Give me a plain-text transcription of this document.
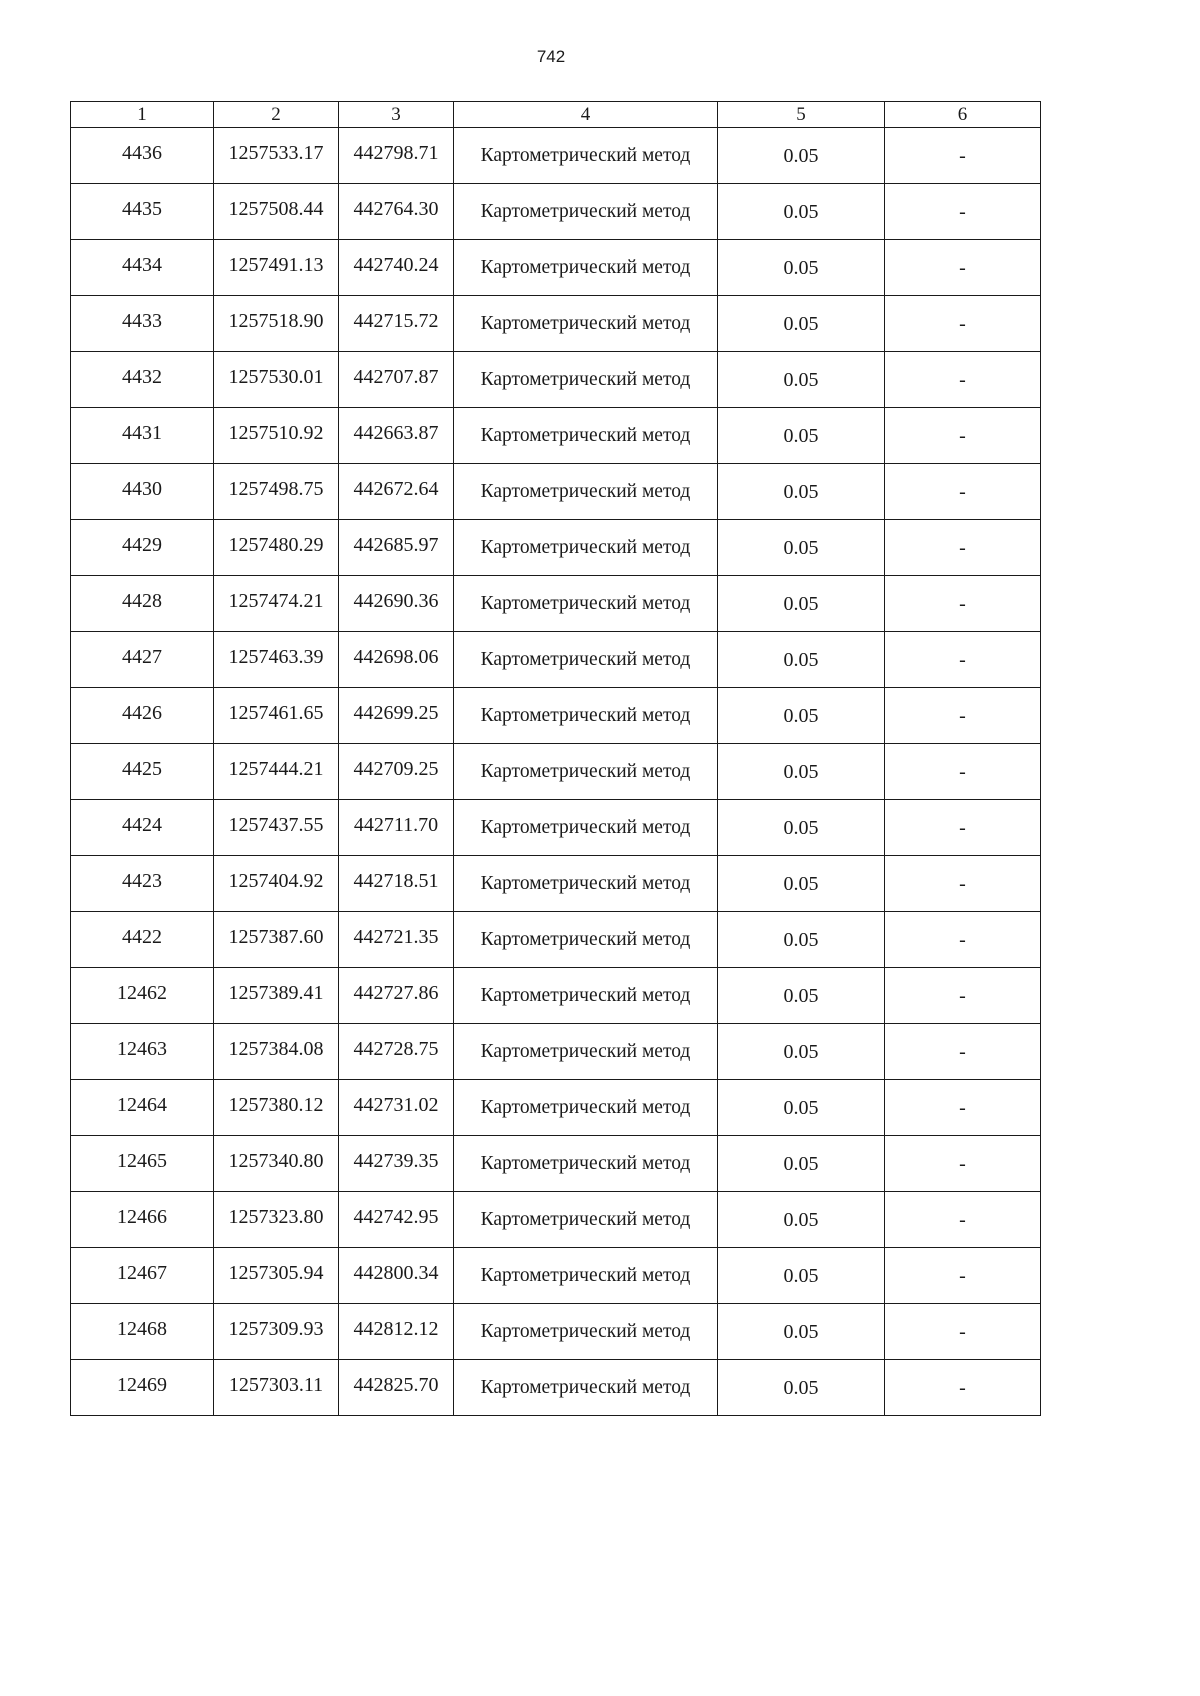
742
1	2	3	4	5	6
4436	1257533.17	442798.71	Картометрический метод	0.05	-
4435	1257508.44	442764.30	Картометрический метод	0.05	-
4434	1257491.13	442740.24	Картометрический метод	0.05	-
4433	1257518.90	442715.72	Картометрический метод	0.05	-
4432	1257530.01	442707.87	Картометрический метод	0.05	-
4431	1257510.92	442663.87	Картометрический метод	0.05	-
4430	1257498.75	442672.64	Картометрический метод	0.05	-
4429	1257480.29	442685.97	Картометрический метод	0.05	-
4428	1257474.21	442690.36	Картометрический метод	0.05	-
4427	1257463.39	442698.06	Картометрический метод	0.05	-
4426	1257461.65	442699.25	Картометрический метод	0.05	-
4425	1257444.21	442709.25	Картометрический метод	0.05	-
4424	1257437.55	442711.70	Картометрический метод	0.05	-
4423	1257404.92	442718.51	Картометрический метод	0.05	-
4422	1257387.60	442721.35	Картометрический метод	0.05	-
12462	1257389.41	442727.86	Картометрический метод	0.05	-
12463	1257384.08	442728.75	Картометрический метод	0.05	-
12464	1257380.12	442731.02	Картометрический метод	0.05	-
12465	1257340.80	442739.35	Картометрический метод	0.05	-
12466	1257323.80	442742.95	Картометрический метод	0.05	-
12467	1257305.94	442800.34	Картометрический метод	0.05	-
12468	1257309.93	442812.12	Картометрический метод	0.05	-
12469	1257303.11	442825.70	Картометрический метод	0.05	-
